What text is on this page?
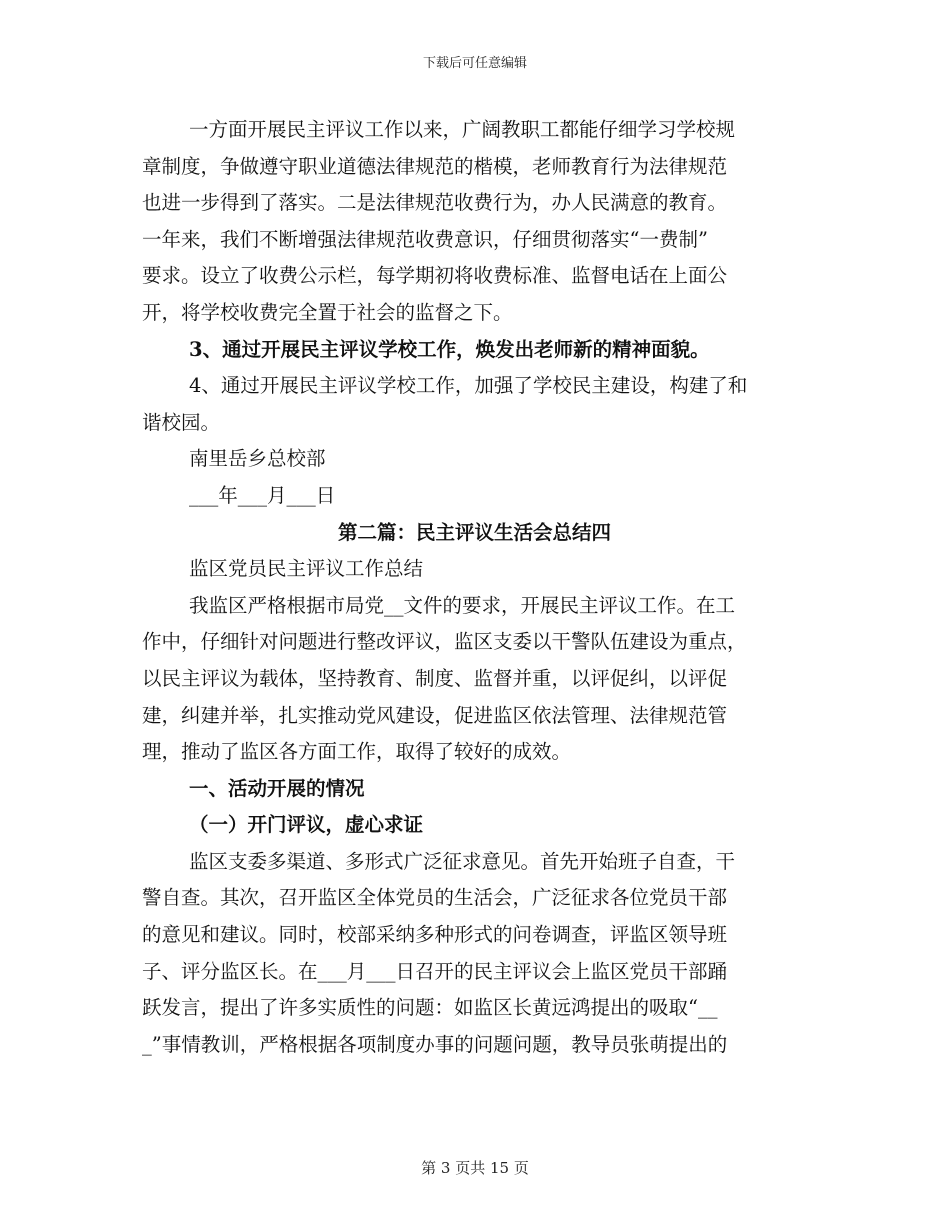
下载后可任意编辑
一方面开展民主评议工作以来，广阔教职工都能仔细学习学校规
章制度，争做遵守职业道德法律规范的楷模，老师教育行为法律规范
也进一步得到了落实。二是法律规范收费行为，办人民满意的教育。
一年来，我们不断增强法律规范收费意识，仔细贯彻落实“一费制”
要求。设立了收费公示栏，每学期初将收费标准、监督电话在上面公
开，将学校收费完全置于社会的监督之下。
3、通过开展民主评议学校工作，焕发出老师新的精神面貌。
4、通过开展民主评议学校工作，加强了学校民主建设，构建了和
谐校园。
南里岳乡总校部
___年___月___日
第二篇：民主评议生活会总结四
监区党员民主评议工作总结
我监区严格根据市局党__文件的要求，开展民主评议工作。在工
作中，仔细针对问题进行整改评议，监区支委以干警队伍建设为重点，
以民主评议为载体，坚持教育、制度、监督并重，以评促纠，以评促
建，纠建并举，扎实推动党风建设，促进监区依法管理、法律规范管
理，推动了监区各方面工作，取得了较好的成效。
一、活动开展的情况
（一）开门评议，虚心求证
监区支委多渠道、多形式广泛征求意见。首先开始班子自查，干
警自查。其次，召开监区全体党员的生活会，广泛征求各位党员干部
的意见和建议。同时，校部采纳多种形式的问卷调查，评监区领导班
子、评分监区长。在___月___日召开的民主评议会上监区党员干部踊
跃发言，提出了许多实质性的问题：如监区长黄远鸿提出的吸取“__
_”事情教训，严格根据各项制度办事的问题问题，教导员张萌提出的
第 3 页共 15 页
